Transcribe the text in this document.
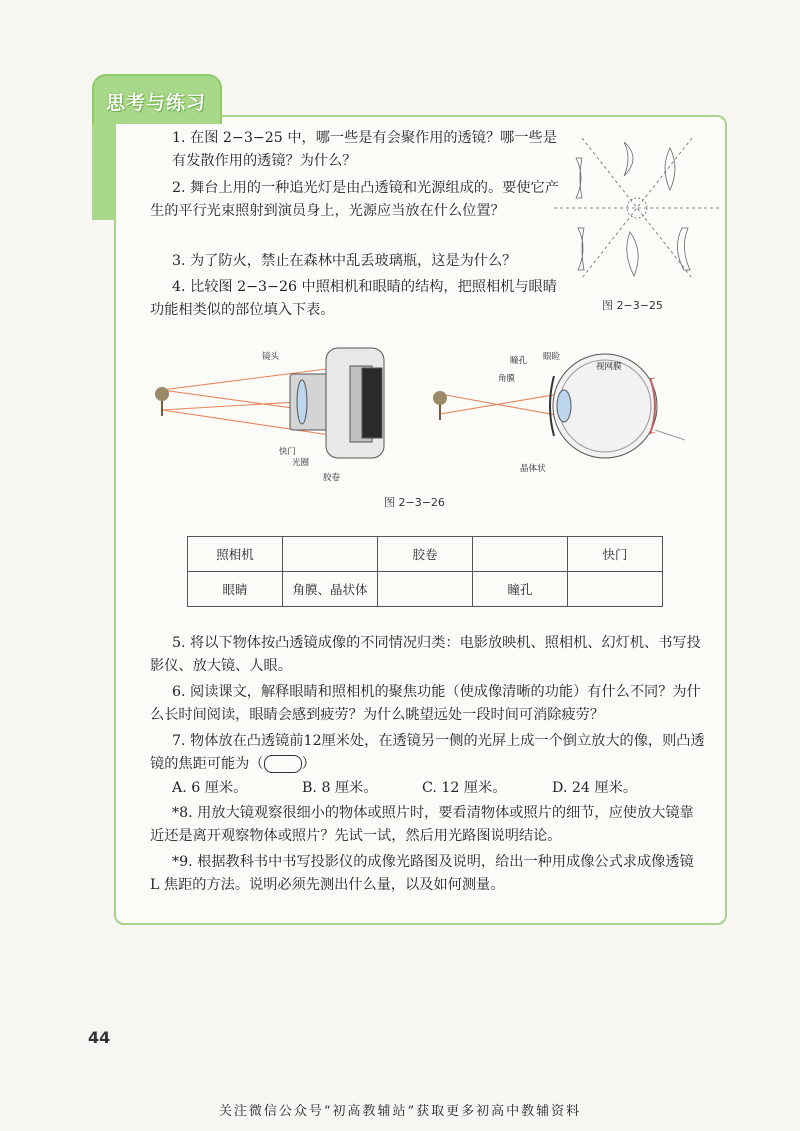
思考与练习

1. 在图 2−3−25 中，哪一些是有会聚作用的透镜？哪一些是有发散作用的透镜？为什么？

2. 舞台上用的一种追光灯是由凸透镜和光源组成的。要使它产生的平行光束照射到演员身上，光源应当放在什么位置？

3. 为了防火，禁止在森林中乱丢玻璃瓶，这是为什么？

4. 比较图 2−3−26 中照相机和眼睛的结构，把照相机与眼睛功能相类似的部位填入下表。	图 2−3−25
镜头
快门
光圈
胶卷
瞳孔 眼睑
角膜
视网膜
晶体状
图 2−3−26
照相机		胶卷		快门
眼睛	角膜、晶状体		瞳孔	

5. 将以下物体按凸透镜成像的不同情况归类：电影放映机、照相机、幻灯机、书写投影仪、放大镜、人眼。

6. 阅读课文，解释眼睛和照相机的聚焦功能（使成像清晰的功能）有什么不同？为什么长时间阅读，眼睛会感到疲劳？为什么眺望远处一段时间可消除疲劳？

7. 物体放在凸透镜前12厘米处，在透镜另一侧的光屏上成一个倒立放大的像，则凸透镜的焦距可能为（	）

A. 6 厘米。	B. 8 厘米。	C. 12 厘米。	D. 24 厘米。

*8. 用放大镜观察很细小的物体或照片时，要看清物体或照片的细节，应使放大镜靠近还是离开观察物体或照片？先试一试，然后用光路图说明结论。

*9. 根据教科书中书写投影仪的成像光路图及说明，给出一种用成像公式求成像透镜 L 焦距的方法。说明必须先测出什么量，以及如何测量。

44
关注微信公众号“初高教辅站”获取更多初高中教辅资料
